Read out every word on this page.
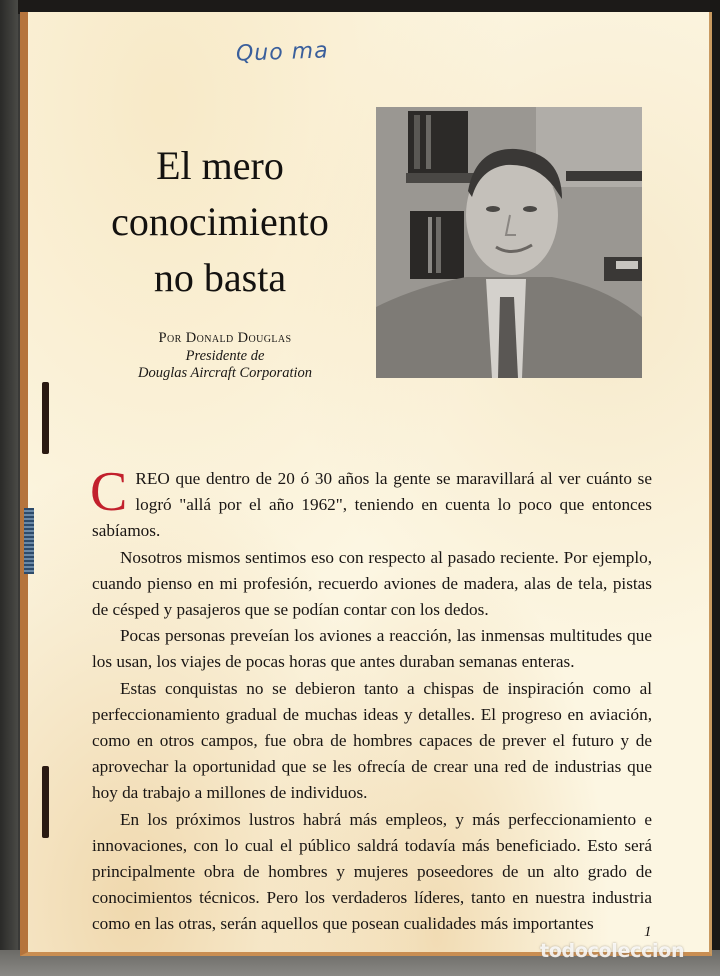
Quo ma
El mero
conocimiento
no basta
Por Donald Douglas
Presidente de
Douglas Aircraft Corporation

CREO que dentro de 20 ó 30 años la gente se maravillará al ver cuánto se logró "allá por el año 1962", teniendo en cuenta lo poco que entonces sabíamos.

Nosotros mismos sentimos eso con respecto al pasado reciente. Por ejemplo, cuando pienso en mi profesión, recuerdo aviones de madera, alas de tela, pistas de césped y pasajeros que se podían contar con los dedos.

Pocas personas preveían los aviones a reacción, las inmensas multitudes que los usan, los viajes de pocas horas que antes duraban semanas enteras.

Estas conquistas no se debieron tanto a chispas de inspiración como al perfeccionamiento gradual de muchas ideas y detalles. El progreso en aviación, como en otros campos, fue obra de hombres capaces de prever el futuro y de aprovechar la oportunidad que se les ofrecía de crear una red de industrias que hoy da trabajo a millones de individuos.

En los próximos lustros habrá más empleos, y más perfeccionamiento e innovaciones, con lo cual el público saldrá todavía más beneficiado. Esto será principalmente obra de hombres y mujeres poseedores de un alto grado de conocimientos técnicos. Pero los verdaderos líderes, tanto en nuestra industria como en las otras, serán aquellos que posean cualidades más importantes	1
todocoleccion
